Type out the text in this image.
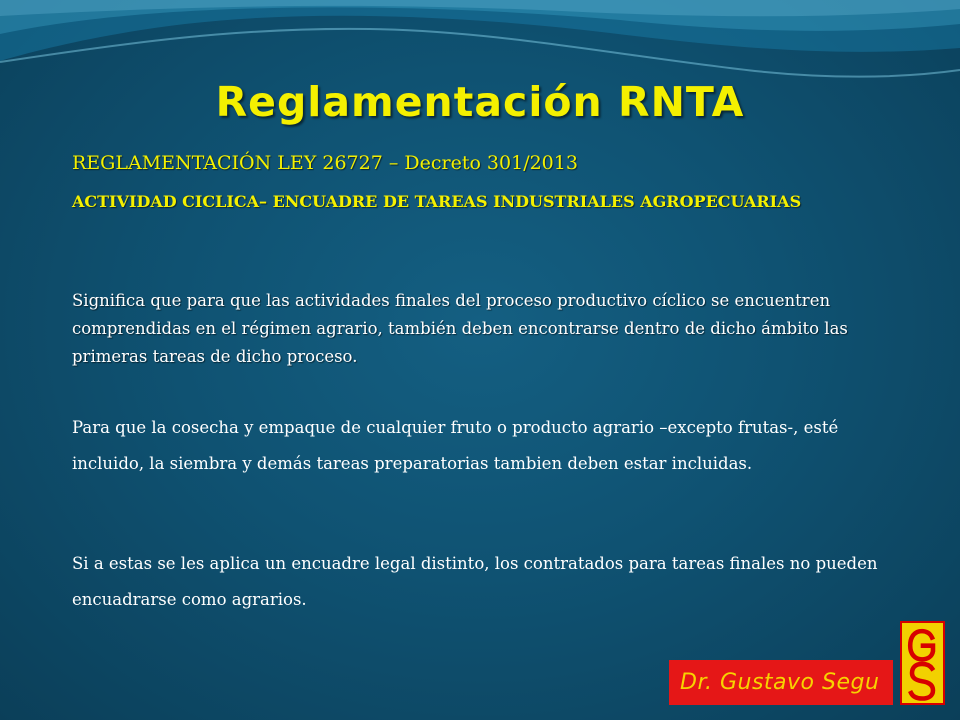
Reglamentación RNTA

REGLAMENTACIÓN LEY 26727 – Decreto 301/2013

ACTIVIDAD CICLICA– ENCUADRE DE TAREAS INDUSTRIALES AGROPECUARIAS

Significa que para que las actividades finales del proceso productivo cíclico se encuentren comprendidas en el régimen agrario, también deben encontrarse dentro de dicho ámbito las primeras tareas de dicho proceso.

Para que la cosecha y empaque de cualquier fruto o producto agrario –excepto frutas-, esté incluido, la siembra y demás tareas preparatorias tambien deben estar incluidas.

Si a estas se les aplica un encuadre legal distinto, los contratados para tareas finales no pueden encuadrarse como agrarios.

Dr. Gustavo Segu
